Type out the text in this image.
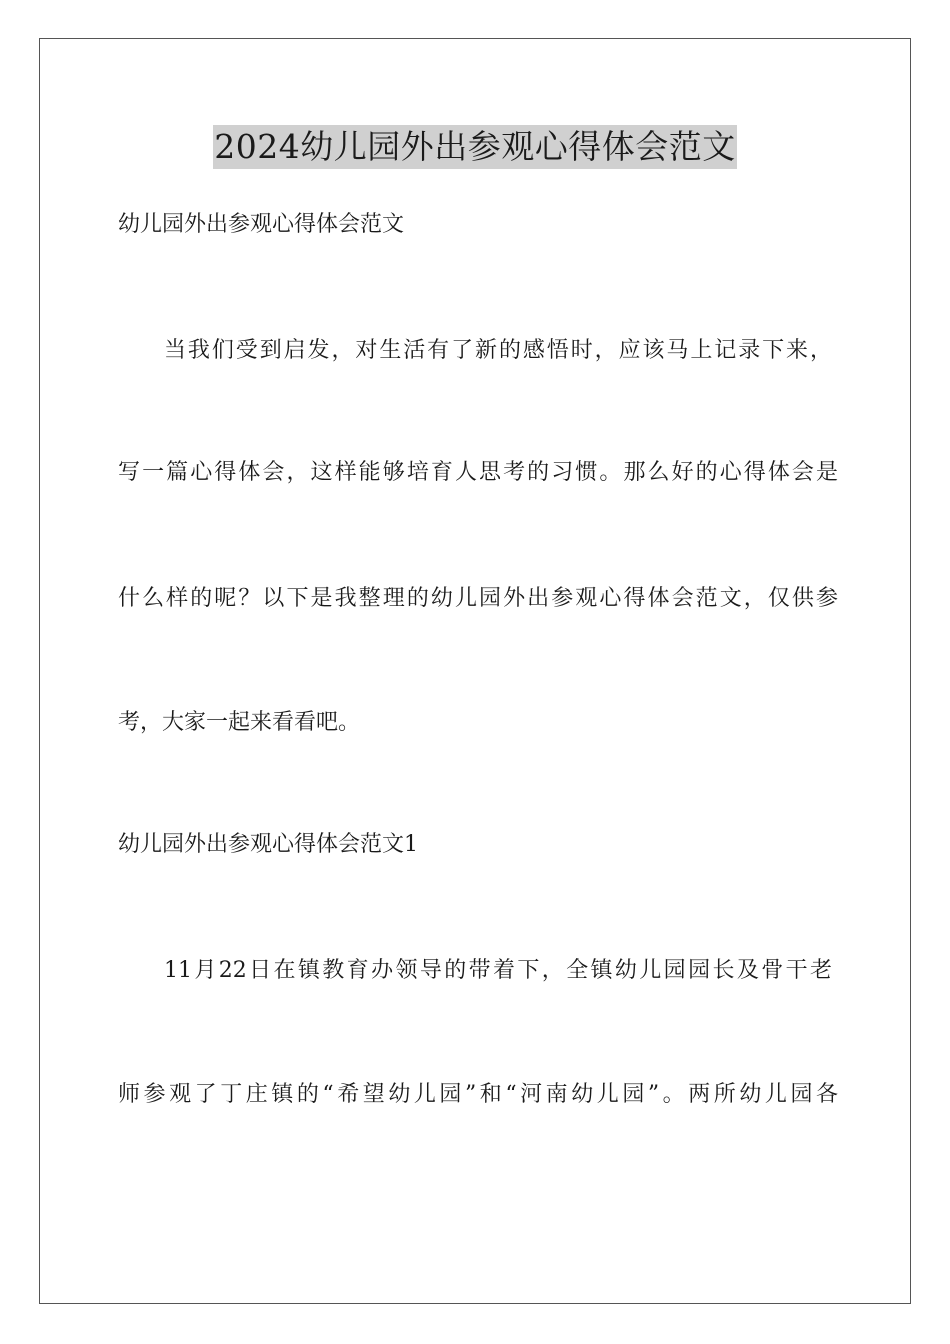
2024幼儿园外出参观心得体会范文
幼儿园外出参观心得体会范文
当我们受到启发，对生活有了新的感悟时，应该马上记录下来，
写一篇心得体会，这样能够培育人思考的习惯。那么好的心得体会是
什么样的呢？以下是我整理的幼儿园外出参观心得体会范文，仅供参
考，大家一起来看看吧。
幼儿园外出参观心得体会范文1
11月22日在镇教育办领导的带着下，全镇幼儿园园长及骨干老
师参观了丁庄镇的“希望幼儿园”和“河南幼儿园”。两所幼儿园各
